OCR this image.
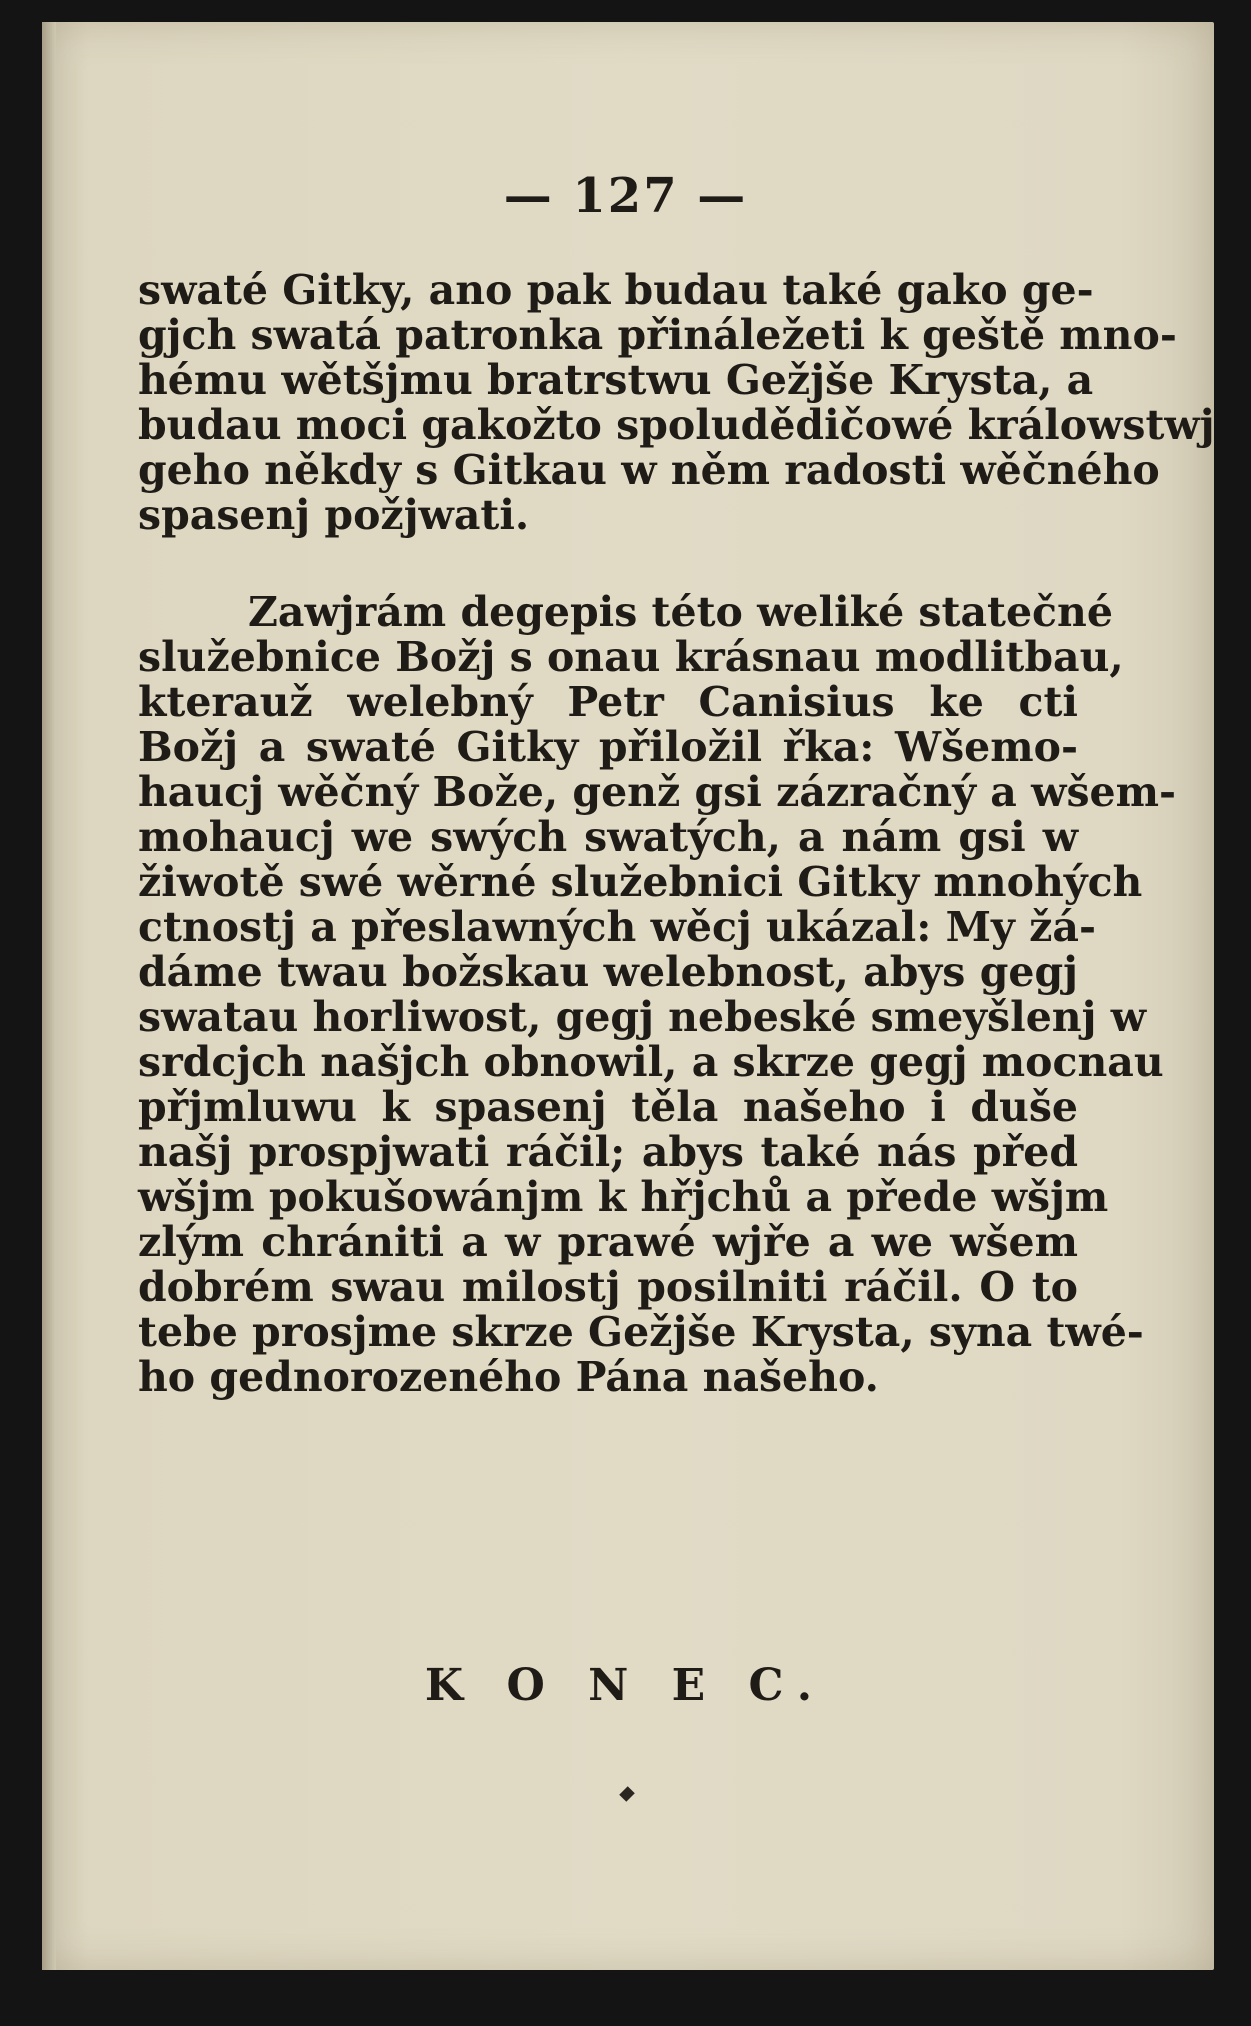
— 127 —
swaté Gitky, ano pak budau také gako ge-
gjch swatá patronka přináležeti k geště mno-
hému wětšjmu bratrstwu Gežjše Krysta, a
budau moci gakožto spoludědičowé králowstwj
geho někdy s Gitkau w něm radosti wěčného
spasenj požjwati.
Zawjrám degepis této weliké statečné
služebnice Božj s onau krásnau modlitbau,
kterauž welebný Petr Canisius ke cti
Božj a swaté Gitky přiložil řka: Wšemo-
haucj wěčný Bože, genž gsi zázračný a wšem-
mohaucj we swých swatých, a nám gsi w
žiwotě swé wěrné služebnici Gitky mnohých
ctnostj a přeslawných wěcj ukázal: My žá-
dáme twau božskau welebnost, abys gegj
swatau horliwost, gegj nebeské smeyšlenj w
srdcjch našjch obnowil, a skrze gegj mocnau
přjmluwu k spasenj těla našeho i duše
našj prospjwati ráčil; abys také nás před
wšjm pokušowánjm k hřjchů a přede wšjm
zlým chrániti a w prawé wjře a we wšem
dobrém swau milostj posilniti ráčil. O to
tebe prosjme skrze Gežjše Krysta, syna twé-
ho gednorozeného Pána našeho.
K O N E C.
